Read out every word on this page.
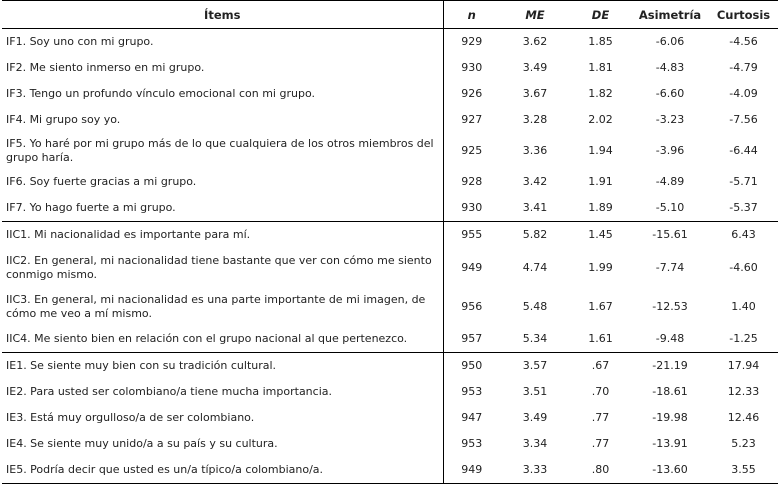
Ítems	n	ME	DE	Asimetría	Curtosis
IF1. Soy uno con mi grupo.	929	3.62	1.85	-6.06	-4.56
IF2. Me siento inmerso en mi grupo.	930	3.49	1.81	-4.83	-4.79
IF3. Tengo un profundo vínculo emocional con mi grupo.	926	3.67	1.82	-6.60	-4.09
IF4. Mi grupo soy yo.	927	3.28	2.02	-3.23	-7.56
IF5. Yo haré por mi grupo más de lo que cualquiera de los otros miembros del grupo haría.	925	3.36	1.94	-3.96	-6.44
IF6. Soy fuerte gracias a mi grupo.	928	3.42	1.91	-4.89	-5.71
IF7. Yo hago fuerte a mi grupo.	930	3.41	1.89	-5.10	-5.37
IIC1. Mi nacionalidad es importante para mí.	955	5.82	1.45	-15.61	6.43
IIC2. En general, mi nacionalidad tiene bastante que ver con cómo me siento conmigo mismo.	949	4.74	1.99	-7.74	-4.60
IIC3. En general, mi nacionalidad es una parte importante de mi imagen, de cómo me veo a mí mismo.	956	5.48	1.67	-12.53	1.40
IIC4. Me siento bien en relación con el grupo nacional al que pertenezco.	957	5.34	1.61	-9.48	-1.25
IE1. Se siente muy bien con su tradición cultural.	950	3.57	.67	-21.19	17.94
IE2. Para usted ser colombiano/a tiene mucha importancia.	953	3.51	.70	-18.61	12.33
IE3. Está muy orgulloso/a de ser colombiano.	947	3.49	.77	-19.98	12.46
IE4. Se siente muy unido/a a su país y su cultura.	953	3.34	.77	-13.91	5.23
IE5. Podría decir que usted es un/a típico/a colombiano/a.	949	3.33	.80	-13.60	3.55
